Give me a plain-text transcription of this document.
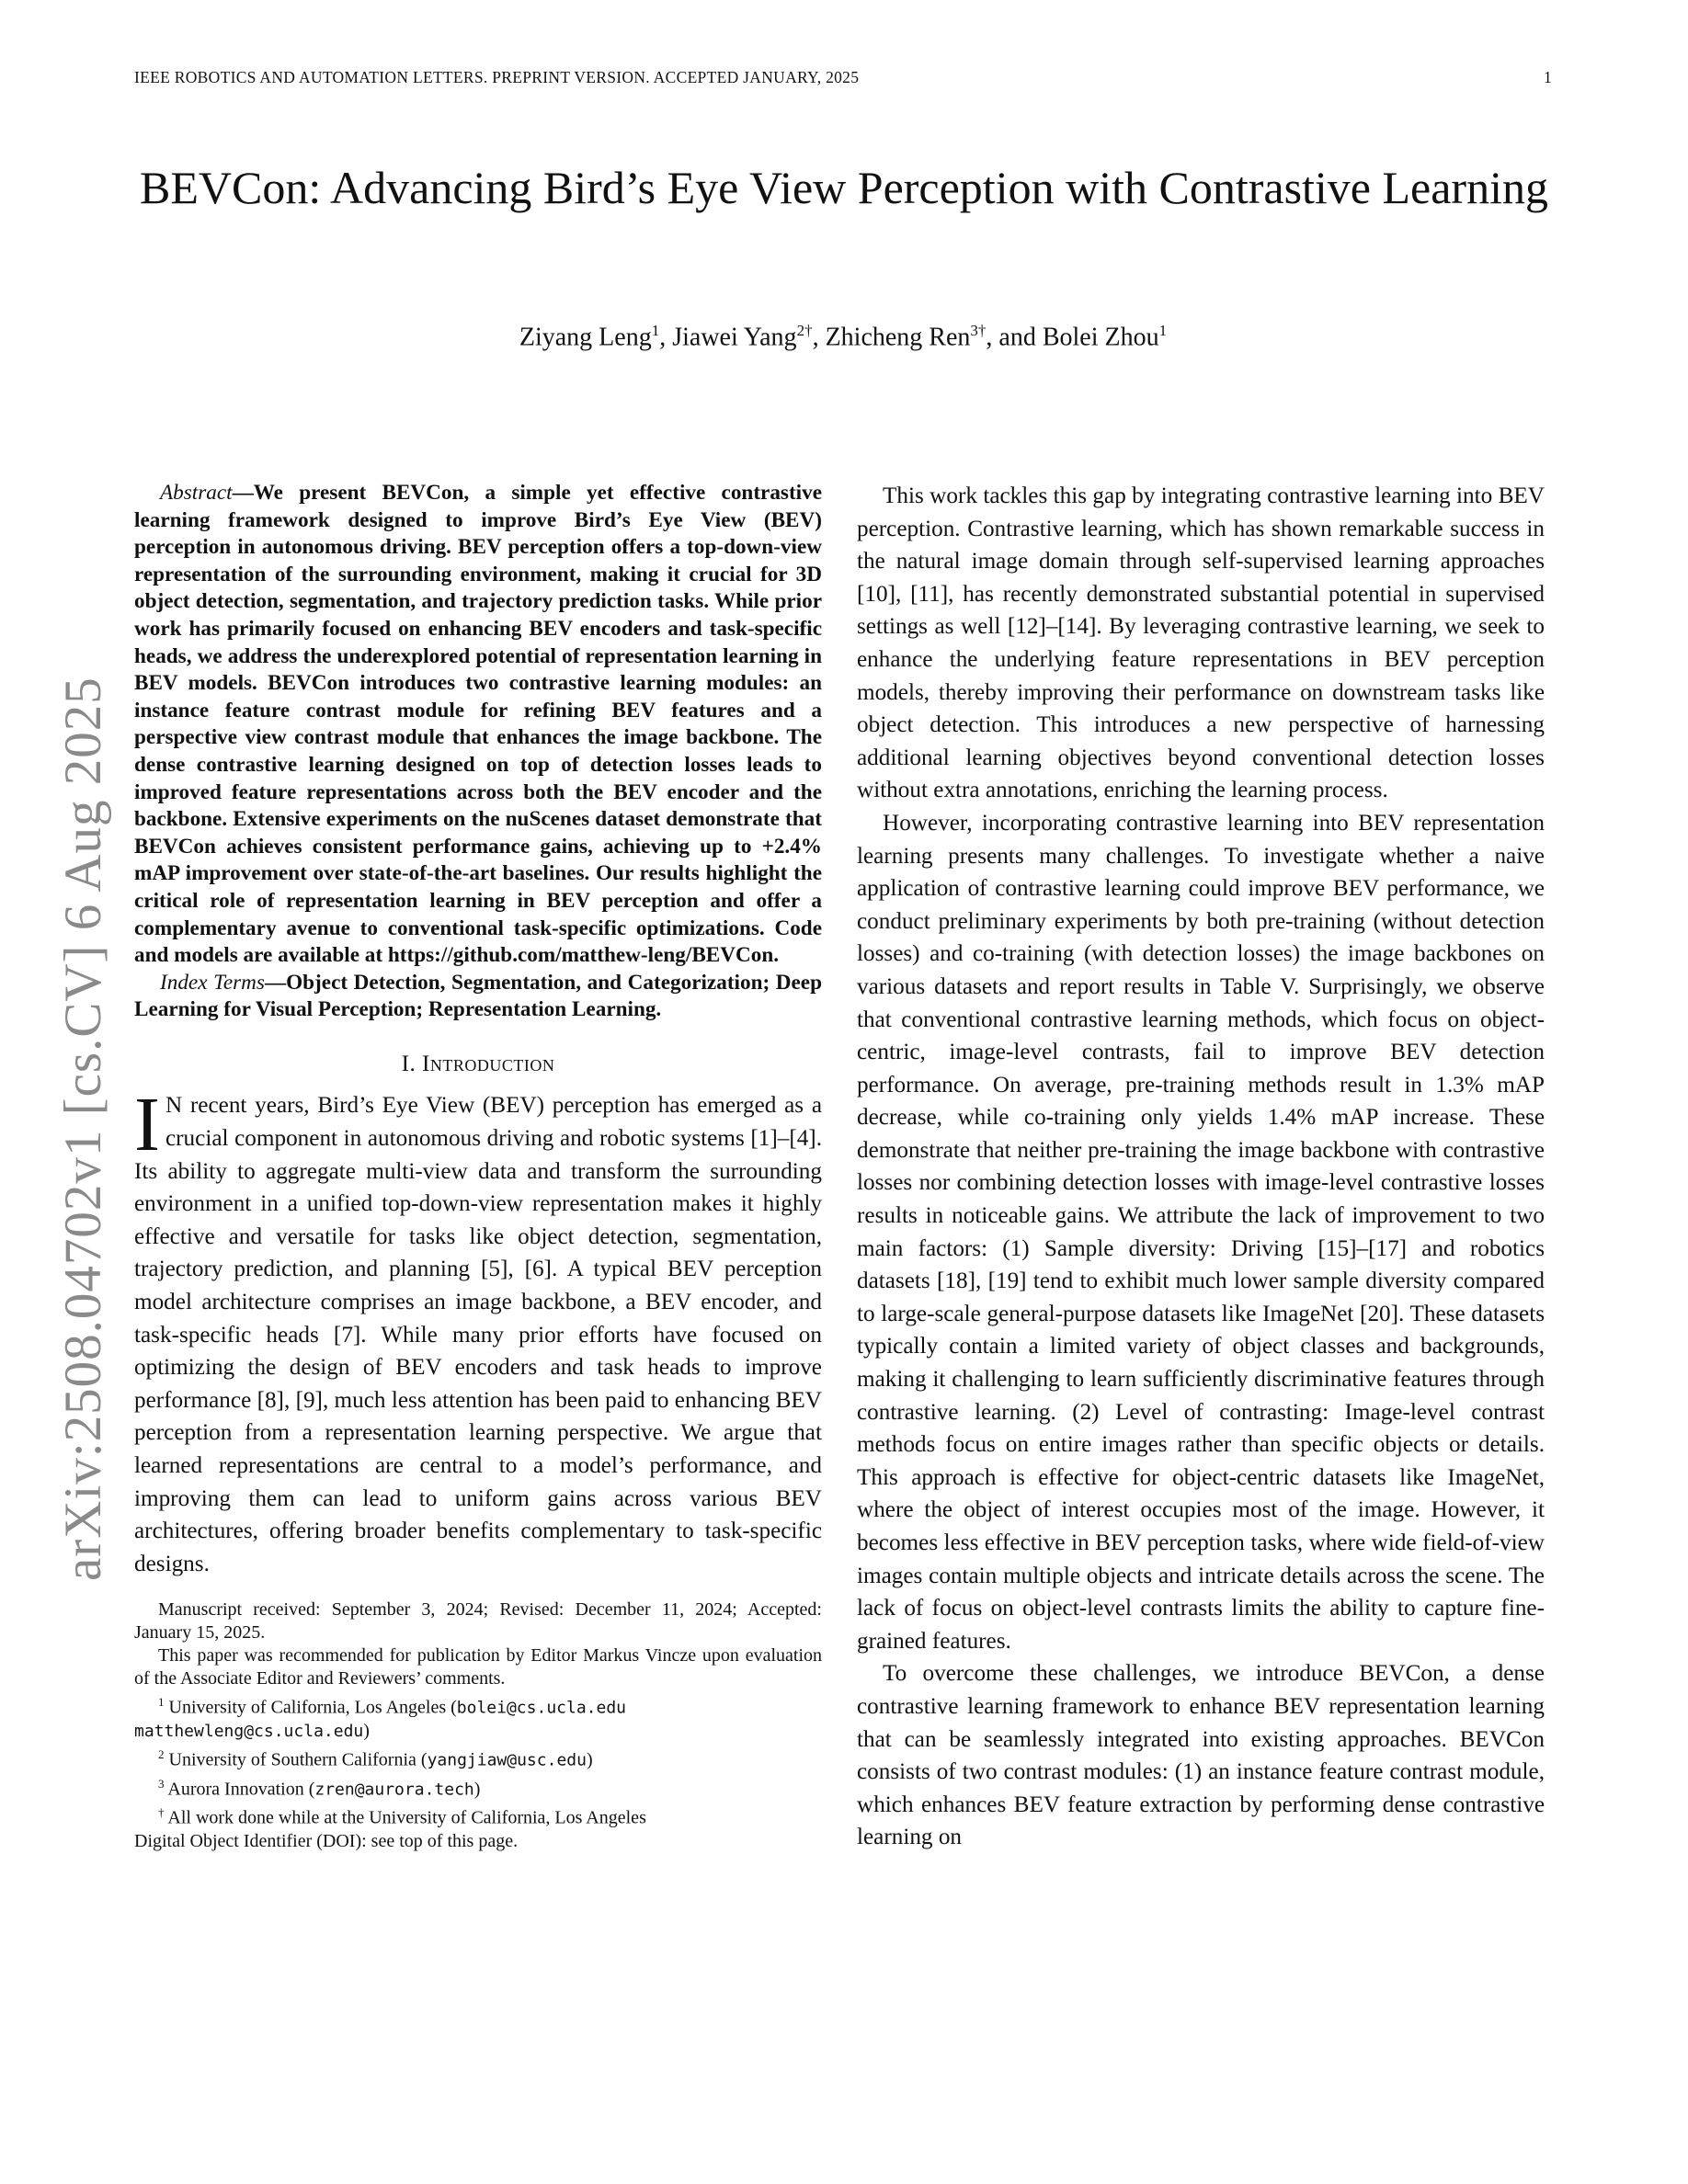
IEEE ROBOTICS AND AUTOMATION LETTERS. PREPRINT VERSION. ACCEPTED JANUARY, 2025	1
BEVCon: Advancing Bird’s Eye View Perception with Contrastive Learning
Ziyang Leng$^1$, Jiawei Yang$^{2\dagger}$, Zhicheng Ren$^{3\dagger}$, and Bolei Zhou$^1$
arXiv:2508.04702v1 [cs.CV] 6 Aug 2025

Abstract—We present BEVCon, a simple yet effective contrastive learning framework designed to improve Bird’s Eye View (BEV) perception in autonomous driving. BEV perception offers a top-down-view representation of the surrounding environment, making it crucial for 3D object detection, segmentation, and trajectory prediction tasks. While prior work has primarily focused on enhancing BEV encoders and task-specific heads, we address the underexplored potential of representation learning in BEV models. BEVCon introduces two contrastive learning modules: an instance feature contrast module for refining BEV features and a perspective view contrast module that enhances the image backbone. The dense contrastive learning designed on top of detection losses leads to improved feature representations across both the BEV encoder and the backbone. Extensive experiments on the nuScenes dataset demonstrate that BEVCon achieves consistent performance gains, achieving up to +2.4% mAP improvement over state-of-the-art baselines. Our results highlight the critical role of representation learning in BEV perception and offer a complementary avenue to conventional task-specific optimizations. Code and models are available at https://github.com/matthew-leng/BEVCon.

Index Terms—Object Detection, Segmentation, and Categorization; Deep Learning for Visual Perception; Representation Learning.

I. Introduction

I N recent years, Bird’s Eye View (BEV) perception has emerged as a crucial component in autonomous driving and robotic systems [1]–[4]. Its ability to aggregate multi-view data and transform the surrounding environment in a unified top-down-view representation makes it highly effective and versatile for tasks like object detection, segmentation, trajectory prediction, and planning [5], [6]. A typical BEV perception model architecture comprises an image backbone, a BEV encoder, and task-specific heads [7]. While many prior efforts have focused on optimizing the design of BEV encoders and task heads to improve performance [8], [9], much less attention has been paid to enhancing BEV perception from a representation learning perspective. We argue that learned representations are central to a model’s performance, and improving them can lead to uniform gains across various BEV architectures, offering broader benefits complementary to task-specific designs.

Manuscript received: September 3, 2024; Revised: December 11, 2024; Accepted: January 15, 2025.
This paper was recommended for publication by Editor Markus Vincze upon evaluation of the Associate Editor and Reviewers’ comments.
$^1$ University of California, Los Angeles (bolei@cs.ucla.edu
matthewleng@cs.ucla.edu)
$^2$ University of Southern California (yangjiaw@usc.edu)
$^3$ Aurora Innovation (zren@aurora.tech)
† All work done while at the University of California, Los Angeles
Digital Object Identifier (DOI): see top of this page.

This work tackles this gap by integrating contrastive learning into BEV perception. Contrastive learning, which has shown remarkable success in the natural image domain through self-supervised learning approaches [10], [11], has recently demonstrated substantial potential in supervised settings as well [12]–[14]. By leveraging contrastive learning, we seek to enhance the underlying feature representations in BEV perception models, thereby improving their performance on downstream tasks like object detection. This introduces a new perspective of harnessing additional learning objectives beyond conventional detection losses without extra annotations, enriching the learning process.

However, incorporating contrastive learning into BEV representation learning presents many challenges. To investigate whether a naive application of contrastive learning could improve BEV performance, we conduct preliminary experiments by both pre-training (without detection losses) and co-training (with detection losses) the image backbones on various datasets and report results in Table V. Surprisingly, we observe that conventional contrastive learning methods, which focus on object-centric, image-level contrasts, fail to improve BEV detection performance. On average, pre-training methods result in 1.3% mAP decrease, while co-training only yields 1.4% mAP increase. These demonstrate that neither pre-training the image backbone with contrastive losses nor combining detection losses with image-level contrastive losses results in noticeable gains. We attribute the lack of improvement to two main factors: (1) Sample diversity: Driving [15]–[17] and robotics datasets [18], [19] tend to exhibit much lower sample diversity compared to large-scale general-purpose datasets like ImageNet [20]. These datasets typically contain a limited variety of object classes and backgrounds, making it challenging to learn sufficiently discriminative features through contrastive learning. (2) Level of contrasting: Image-level contrast methods focus on entire images rather than specific objects or details. This approach is effective for object-centric datasets like ImageNet, where the object of interest occupies most of the image. However, it becomes less effective in BEV perception tasks, where wide field-of-view images contain multiple objects and intricate details across the scene. The lack of focus on object-level contrasts limits the ability to capture fine-grained features.

To overcome these challenges, we introduce BEVCon, a dense contrastive learning framework to enhance BEV representation learning that can be seamlessly integrated into existing approaches. BEVCon consists of two contrast modules: (1) an instance feature contrast module, which enhances BEV feature extraction by performing dense contrastive learning on
